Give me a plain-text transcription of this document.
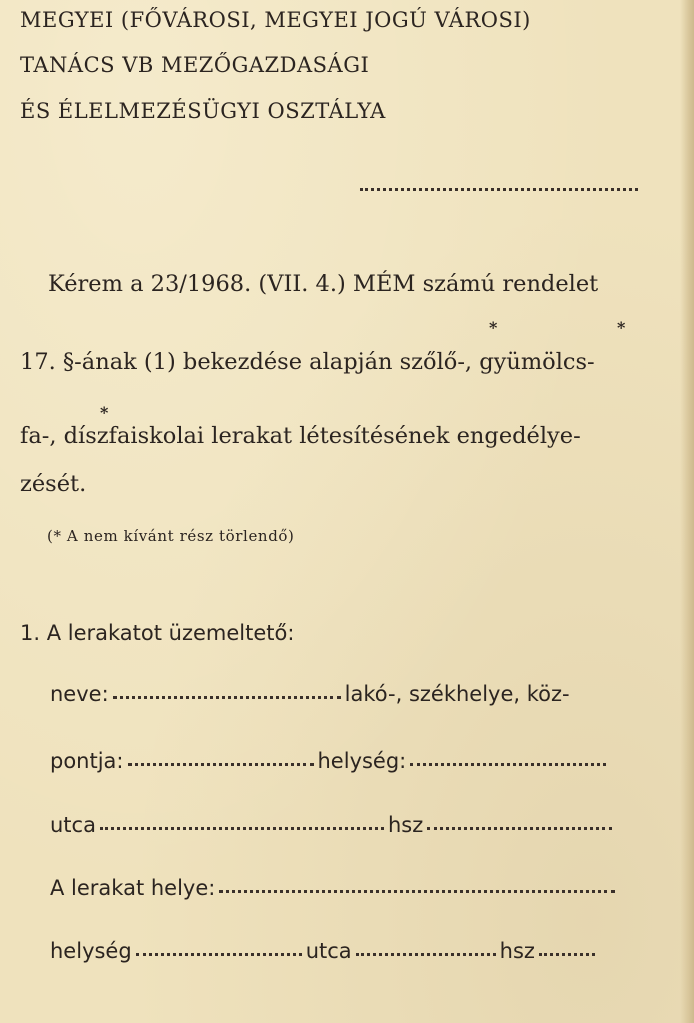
MEGYEI (FŐVÁROSI, MEGYEI JOGÚ VÁROSI)
TANÁCS VB MEZŐGAZDASÁGI
ÉS ÉLELMEZÉSÜGYI OSZTÁLYA
Kérem a 23/1968. (VII. 4.) MÉM számú rendelet
*	*
17. §-ának (1) bekezdése alapján szőlő-, gyümölcs-
*
fa-, díszfaiskolai lerakat létesítésének engedélye-
zését.
(* A nem kívánt rész törlendő)
1. A lerakatot üzemeltető:
neve:	lakó-, székhelye, köz-
pontja:	helység:
utca	hsz
A lerakat helye:
helység	utca	hsz
